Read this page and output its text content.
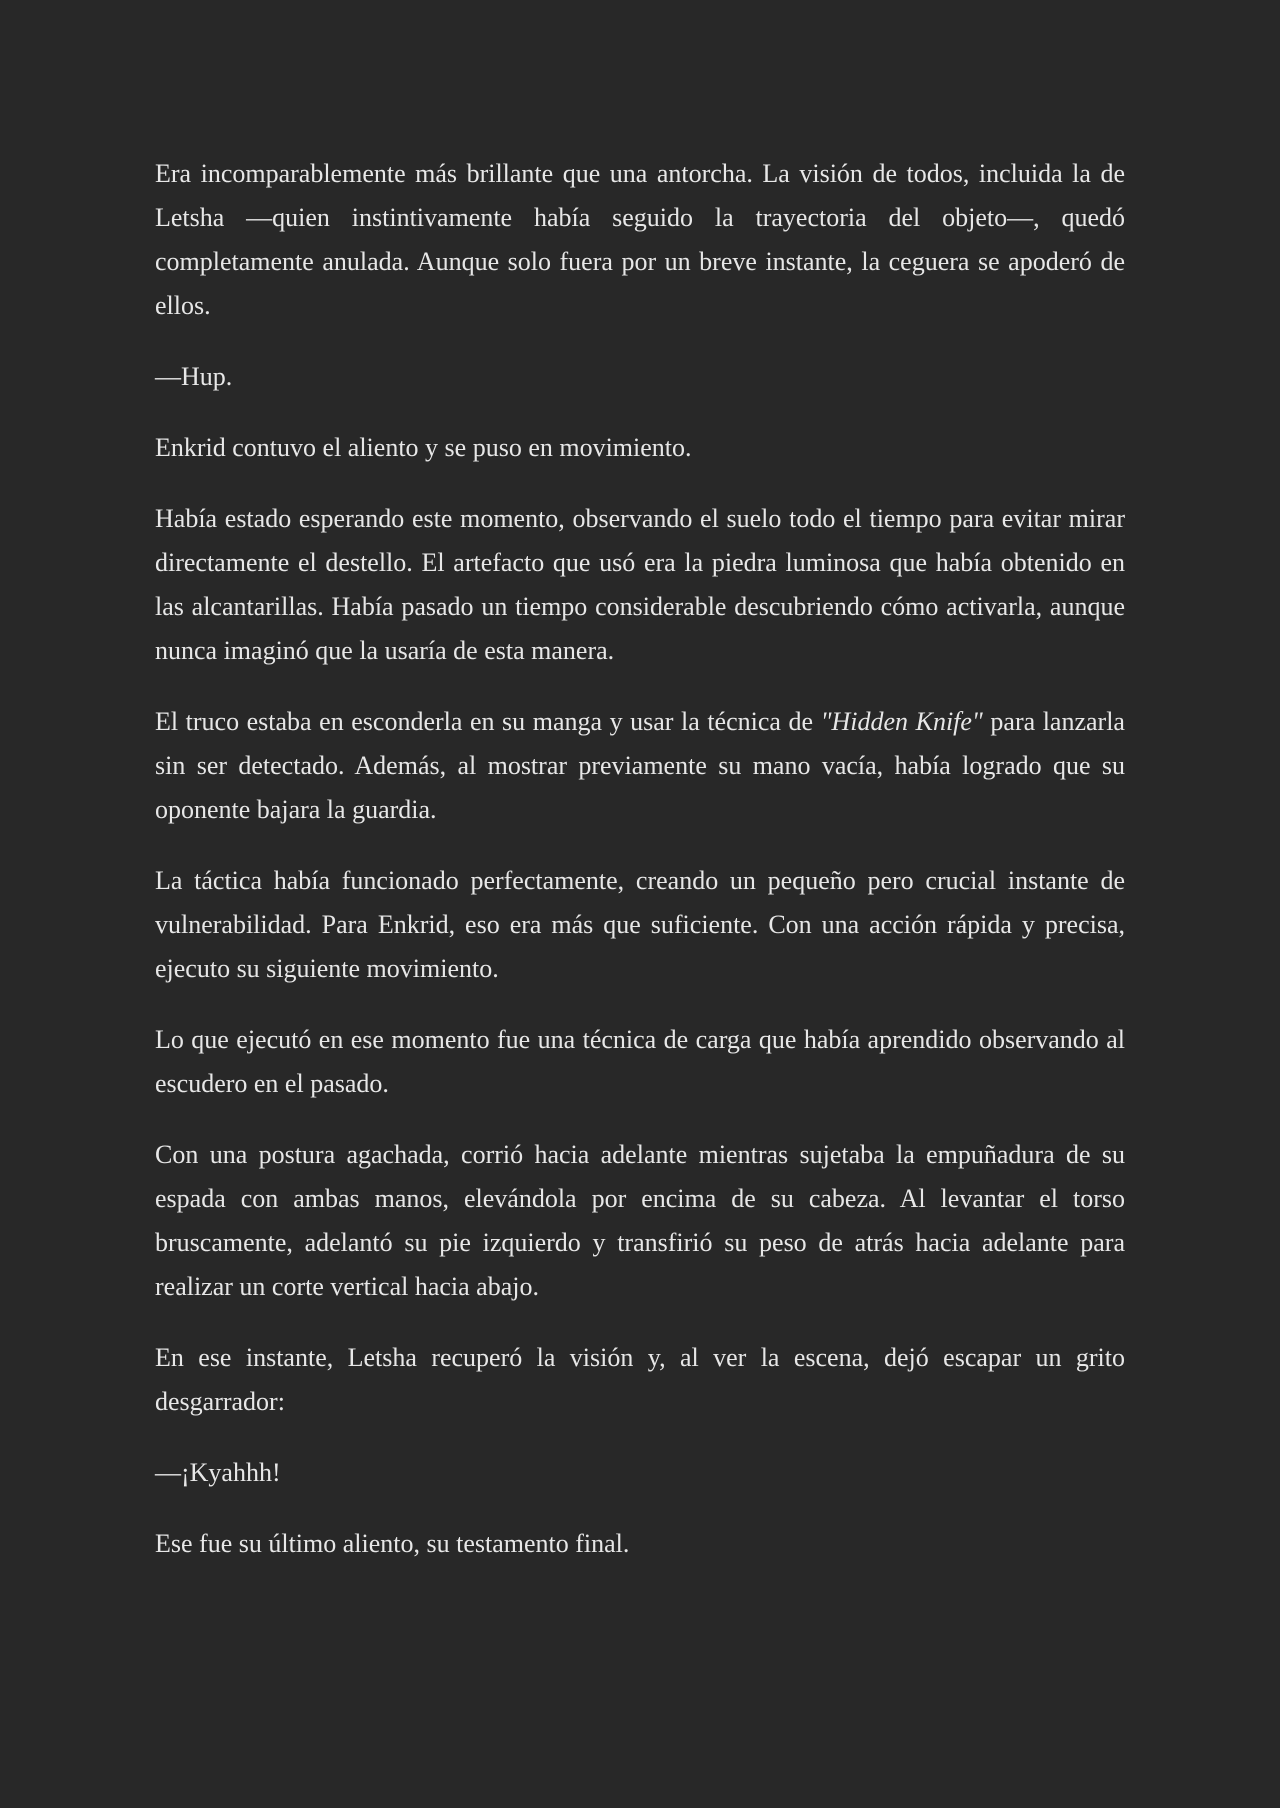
Era incomparablemente más brillante que una antorcha. La visión de todos, incluida la de Letsha —quien instintivamente había seguido la trayectoria del objeto—, quedó completamente anulada. Aunque solo fuera por un breve instante, la ceguera se apoderó de ellos.

—Hup.

Enkrid contuvo el aliento y se puso en movimiento.

Había estado esperando este momento, observando el suelo todo el tiempo para evitar mirar directamente el destello. El artefacto que usó era la piedra luminosa que había obtenido en las alcantarillas. Había pasado un tiempo considerable descubriendo cómo activarla, aunque nunca imaginó que la usaría de esta manera.

El truco estaba en esconderla en su manga y usar la técnica de "Hidden Knife" para lanzarla sin ser detectado. Además, al mostrar previamente su mano vacía, había logrado que su oponente bajara la guardia.

La táctica había funcionado perfectamente, creando un pequeño pero crucial instante de vulnerabilidad. Para Enkrid, eso era más que suficiente. Con una acción rápida y precisa, ejecuto su siguiente movimiento.

Lo que ejecutó en ese momento fue una técnica de carga que había aprendido observando al escudero en el pasado.

Con una postura agachada, corrió hacia adelante mientras sujetaba la empuñadura de su espada con ambas manos, elevándola por encima de su cabeza. Al levantar el torso bruscamente, adelantó su pie izquierdo y transfirió su peso de atrás hacia adelante para realizar un corte vertical hacia abajo.

En ese instante, Letsha recuperó la visión y, al ver la escena, dejó escapar un grito desgarrador:

—¡Kyahhh!

Ese fue su último aliento, su testamento final.
